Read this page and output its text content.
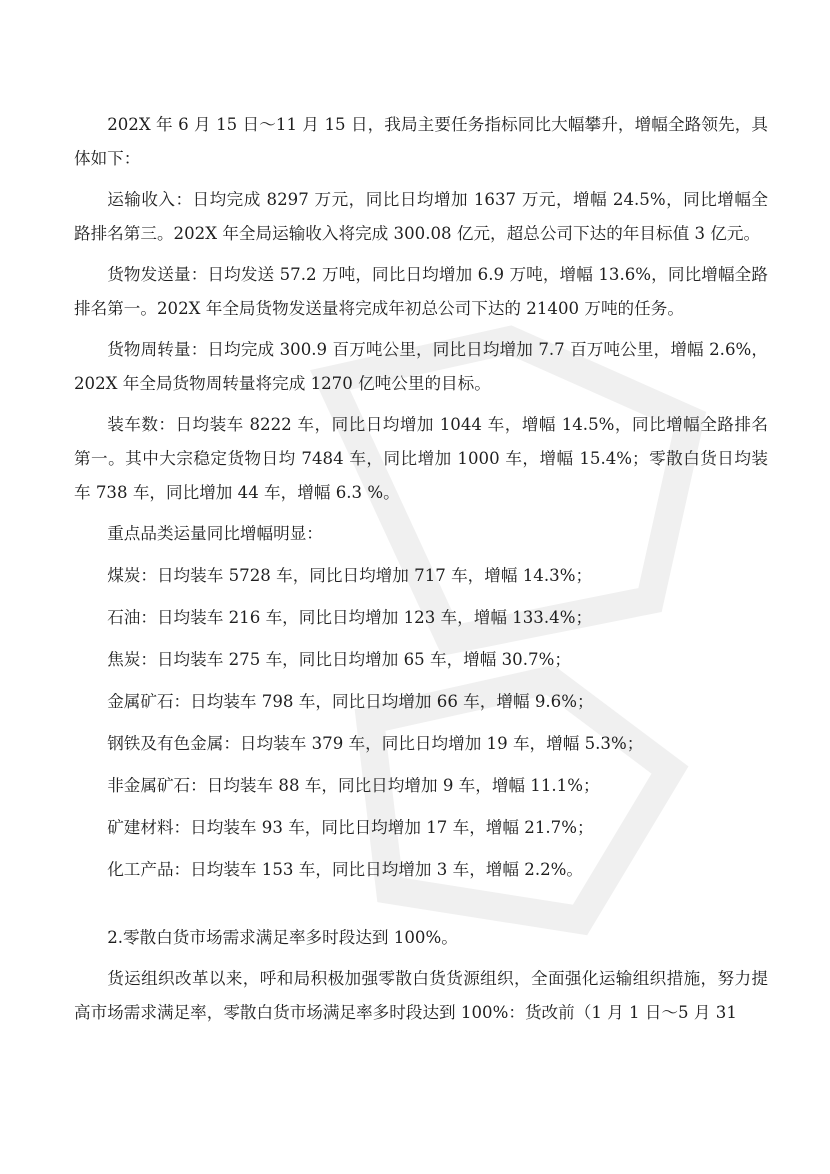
202X 年 6 月 15 日～11 月 15 日，我局主要任务指标同比大幅攀升，增幅全路领先，具体如下：

运输收入：日均完成 8297 万元，同比日均增加 1637 万元，增幅 24.5%，同比增幅全路排名第三。202X 年全局运输收入将完成 300.08 亿元，超总公司下达的年目标值 3 亿元。

货物发送量：日均发送 57.2 万吨，同比日均增加 6.9 万吨，增幅 13.6%，同比增幅全路排名第一。202X 年全局货物发送量将完成年初总公司下达的 21400 万吨的任务。

货物周转量：日均完成 300.9 百万吨公里，同比日均增加 7.7 百万吨公里，增幅 2.6%，202X 年全局货物周转量将完成 1270 亿吨公里的目标。

装车数：日均装车 8222 车，同比日均增加 1044 车，增幅 14.5%，同比增幅全路排名第一。其中大宗稳定货物日均 7484 车，同比增加 1000 车，增幅 15.4%；零散白货日均装车 738 车，同比增加 44 车，增幅 6.3 %。

重点品类运量同比增幅明显：

煤炭：日均装车 5728 车，同比日均增加 717 车，增幅 14.3%；

石油：日均装车 216 车，同比日均增加 123 车，增幅 133.4%；

焦炭：日均装车 275 车，同比日均增加 65 车，增幅 30.7%；

金属矿石：日均装车 798 车，同比日均增加 66 车，增幅 9.6%；

钢铁及有色金属：日均装车 379 车，同比日均增加 19 车，增幅 5.3%；

非金属矿石：日均装车 88 车，同比日均增加 9 车，增幅 11.1%；

矿建材料：日均装车 93 车，同比日均增加 17 车，增幅 21.7%；

化工产品：日均装车 153 车，同比日均增加 3 车，增幅 2.2%。

2.零散白货市场需求满足率多时段达到 100%。

货运组织改革以来，呼和局积极加强零散白货货源组织，全面强化运输组织措施，努力提高市场需求满足率，零散白货市场满足率多时段达到 100%：货改前（1 月 1 日～5 月 31
